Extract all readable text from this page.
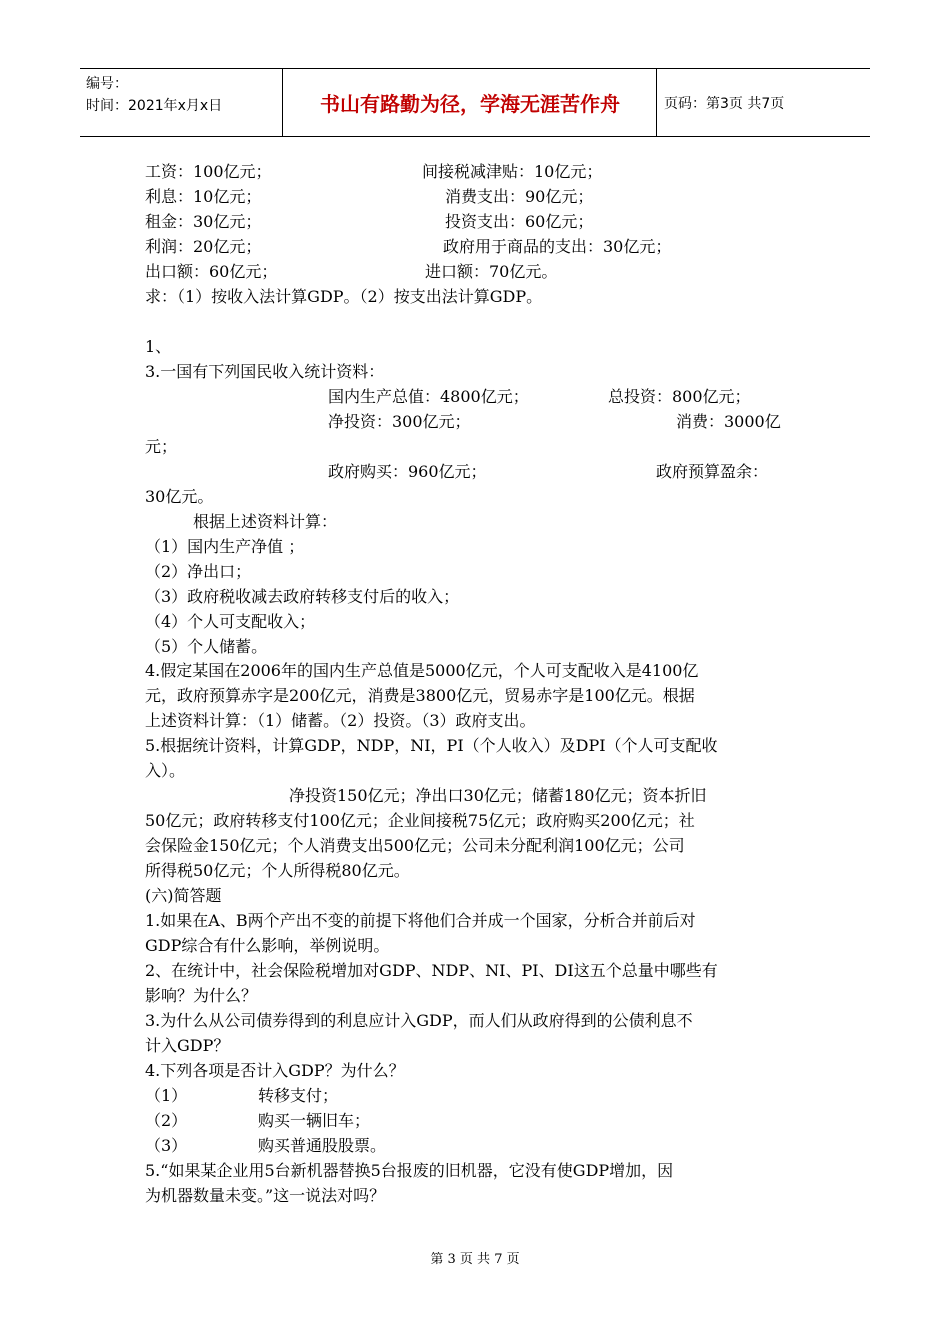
编号：
时间：2021年x月x日	书山有路勤为径，学海无涯苦作舟	页码：第3页 共7页
工资：100亿元；	间接税减津贴：10亿元；
利息：10亿元；	消费支出：90亿元；
租金：30亿元；	投资支出：60亿元；
利润：20亿元；	政府用于商品的支出：30亿元；
出口额：60亿元；	进口额：70亿元。
求：（1）按收入法计算GDP。（2）按支出法计算GDP。
1、
3.一国有下列国民收入统计资料：
国内生产总值：4800亿元；	总投资：800亿元；
净投资：300亿元；	消费：3000亿
元；
政府购买：960亿元；	政府预算盈余：
30亿元。
根据上述资料计算：
（1）国内生产净值 ；
（2）净出口；
（3）政府税收减去政府转移支付后的收入；
（4）个人可支配收入；
（5）个人储蓄。
4.假定某国在2006年的国内生产总值是5000亿元，个人可支配收入是4100亿
元，政府预算赤字是200亿元，消费是3800亿元，贸易赤字是100亿元。根据
上述资料计算：（1）储蓄。（2）投资。（3）政府支出。
5.根据统计资料，计算GDP，NDP，NI，PI（个人收入）及DPI（个人可支配收
入）。
净投资150亿元；净出口30亿元；储蓄180亿元；资本折旧
50亿元；政府转移支付100亿元；企业间接税75亿元；政府购买200亿元；社
会保险金150亿元；个人消费支出500亿元；公司未分配利润100亿元；公司
所得税50亿元；个人所得税80亿元。
(六)简答题
1.如果在A、B两个产出不变的前提下将他们合并成一个国家，分析合并前后对
GDP综合有什么影响，举例说明。
2、在统计中，社会保险税增加对GDP、NDP、NI、PI、DI这五个总量中哪些有
影响？为什么？
3.为什么从公司债券得到的利息应计入GDP，而人们从政府得到的公债利息不
计入GDP？
4.下列各项是否计入GDP？为什么？
（1）	转移支付；
（2）	购买一辆旧车；
（3）	购买普通股股票。
5.“如果某企业用5台新机器替换5台报废的旧机器，它没有使GDP增加，因
为机器数量未变。”这一说法对吗？
第 3 页 共 7 页
